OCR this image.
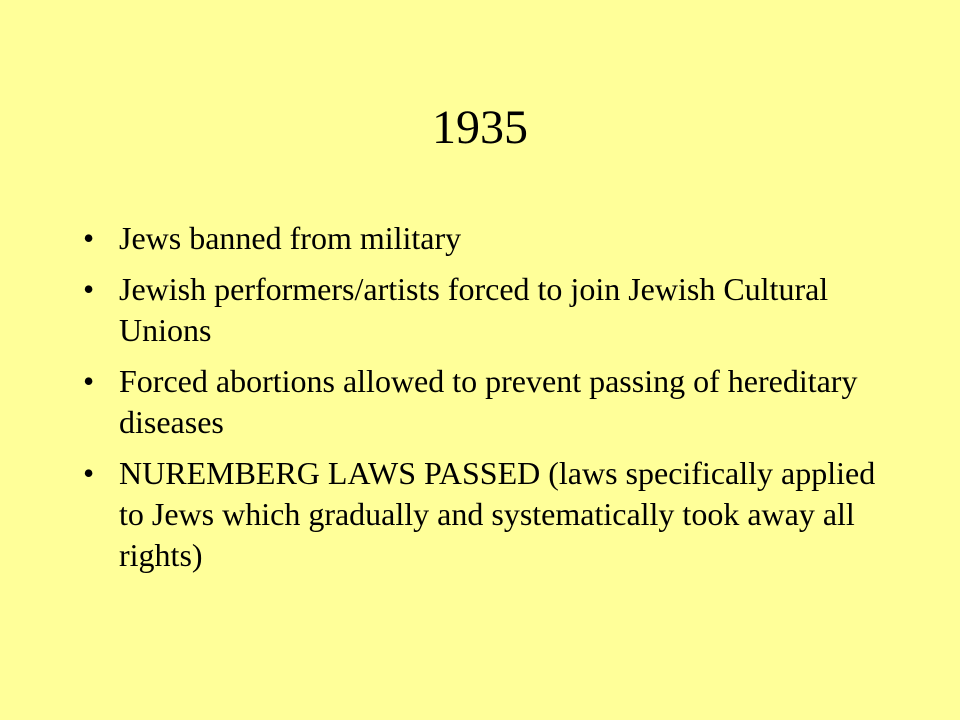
1935
• Jews banned from military
• Jewish performers/artists forced to join Jewish Cultural Unions
• Forced abortions allowed to prevent passing of hereditary diseases
• NUREMBERG LAWS PASSED (laws specifically applied to Jews which gradually and systematically took away all rights)
